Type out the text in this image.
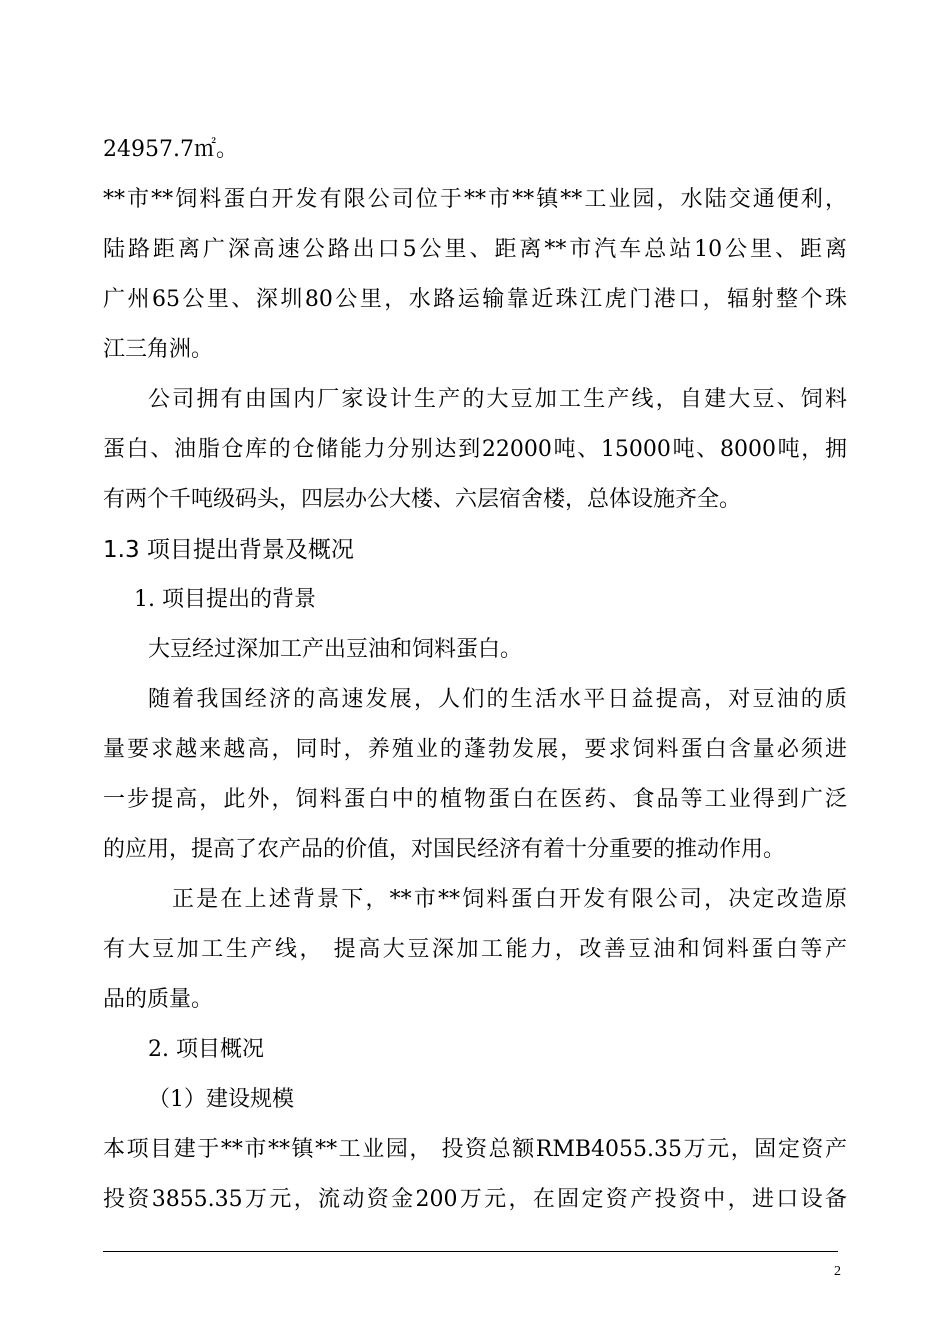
24957.7㎡。
**市**饲料蛋白开发有限公司位于**市**镇**工业园，水陆交通便利，
陆路距离广深高速公路出口5公里、距离**市汽车总站10公里、距离
广州65公里、深圳80公里，水路运输靠近珠江虎门港口，辐射整个珠
江三角洲。
公司拥有由国内厂家设计生产的大豆加工生产线，自建大豆、饲料
蛋白、油脂仓库的仓储能力分别达到22000吨、15000吨、8000吨，拥
有两个千吨级码头，四层办公大楼、六层宿舍楼，总体设施齐全。
1.3 项目提出背景及概况
1. 项目提出的背景
大豆经过深加工产出豆油和饲料蛋白。
随着我国经济的高速发展，人们的生活水平日益提高，对豆油的质
量要求越来越高，同时，养殖业的蓬勃发展，要求饲料蛋白含量必须进
一步提高，此外，饲料蛋白中的植物蛋白在医药、食品等工业得到广泛
的应用，提高了农产品的价值，对国民经济有着十分重要的推动作用。
正是在上述背景下，**市**饲料蛋白开发有限公司，决定改造原
有大豆加工生产线， 提高大豆深加工能力，改善豆油和饲料蛋白等产
品的质量。
2. 项目概况
（1）建设规模
本项目建于**市**镇**工业园， 投资总额RMB4055.35万元，固定资产
投资3855.35万元，流动资金200万元，在固定资产投资中，进口设备
2
